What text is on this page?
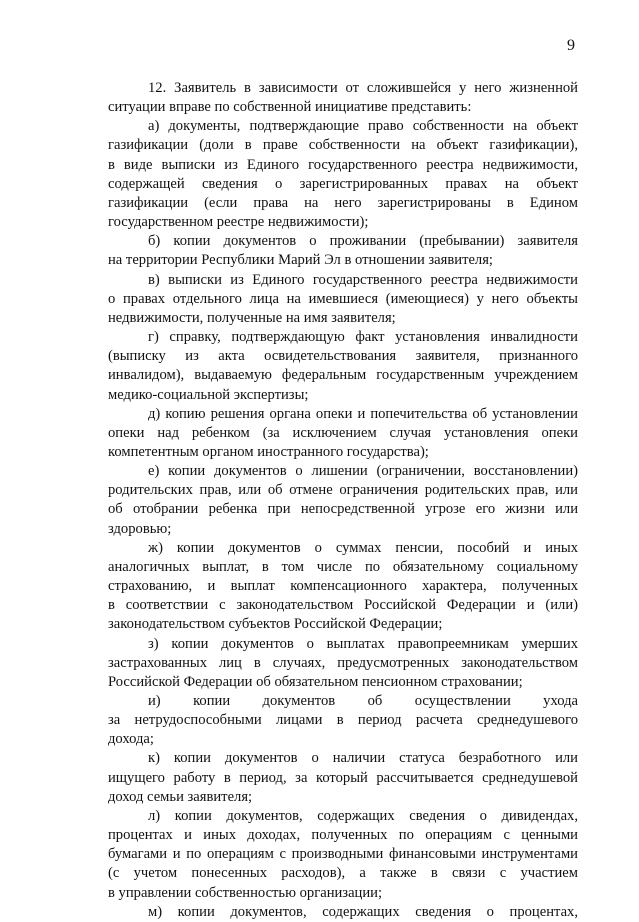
9
12. Заявитель в зависимости от сложившейся у него жизненной
ситуации вправе по собственной инициативе представить:
а) документы, подтверждающие право собственности на объект
газификации (доли в праве собственности на объект газификации),
в виде выписки из Единого государственного реестра недвижимости,
содержащей сведения о зарегистрированных правах на объект
газификации (если права на него зарегистрированы в Едином
государственном реестре недвижимости);
б) копии документов о проживании (пребывании) заявителя
на территории Республики Марий Эл в отношении заявителя;
в) выписки из Единого государственного реестра недвижимости
о правах отдельного лица на имевшиеся (имеющиеся) у него объекты
недвижимости, полученные на имя заявителя;
г) справку, подтверждающую факт установления инвалидности
(выписку из акта освидетельствования заявителя, признанного
инвалидом), выдаваемую федеральным государственным учреждением
медико-социальной экспертизы;
д) копию решения органа опеки и попечительства об установлении
опеки над ребенком (за исключением случая установления опеки
компетентным органом иностранного государства);
е) копии документов о лишении (ограничении, восстановлении)
родительских прав, или об отмене ограничения родительских прав, или
об отобрании ребенка при непосредственной угрозе его жизни или
здоровью;
ж) копии документов о суммах пенсии, пособий и иных
аналогичных выплат, в том числе по обязательному социальному
страхованию, и выплат компенсационного характера, полученных
в соответствии с законодательством Российской Федерации и (или)
законодательством субъектов Российской Федерации;
з) копии документов о выплатах правопреемникам умерших
застрахованных лиц в случаях, предусмотренных законодательством
Российской Федерации об обязательном пенсионном страховании;
и) копии документов об осуществлении ухода
за нетрудоспособными лицами в период расчета среднедушевого
дохода;
к) копии документов о наличии статуса безработного или
ищущего работу в период, за который рассчитывается среднедушевой
доход семьи заявителя;
л) копии документов, содержащих сведения о дивидендах,
процентах и иных доходах, полученных по операциям с ценными
бумагами и по операциям с производными финансовыми инструментами
(с учетом понесенных расходов), а также в связи с участием
в управлении собственностью организации;
м) копии документов, содержащих сведения о процентах,
